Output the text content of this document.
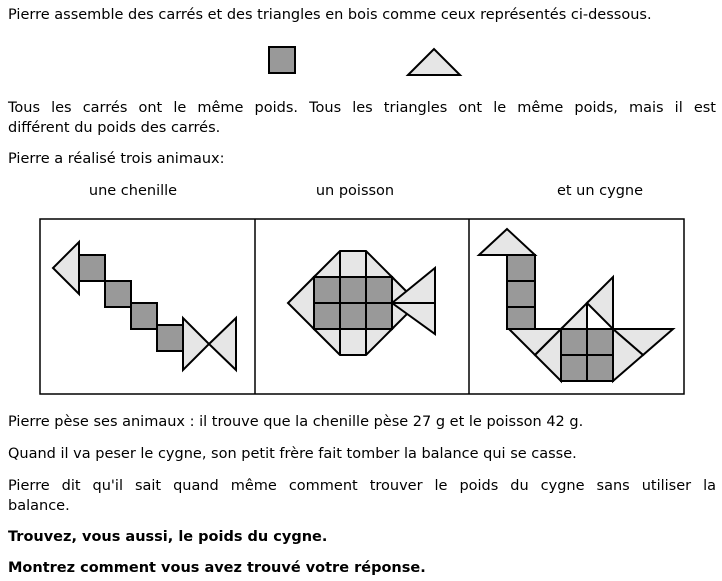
Pierre assemble des carrés et des triangles en bois comme ceux représentés ci-dessous.

Tous les carrés ont le même poids. Tous les triangles ont le même poids, mais il est

différent du poids des carrés.

Pierre a réalisé trois animaux:

une chenille	un poisson	et un cygne

Pierre pèse ses animaux : il trouve que la chenille pèse 27 g et le poisson 42 g.

Quand il va peser le cygne, son petit frère fait tomber la balance qui se casse.

Pierre dit qu'il sait quand même comment trouver le poids du cygne sans utiliser la

balance.

Trouvez, vous aussi, le poids du cygne.

Montrez comment vous avez trouvé votre réponse.
